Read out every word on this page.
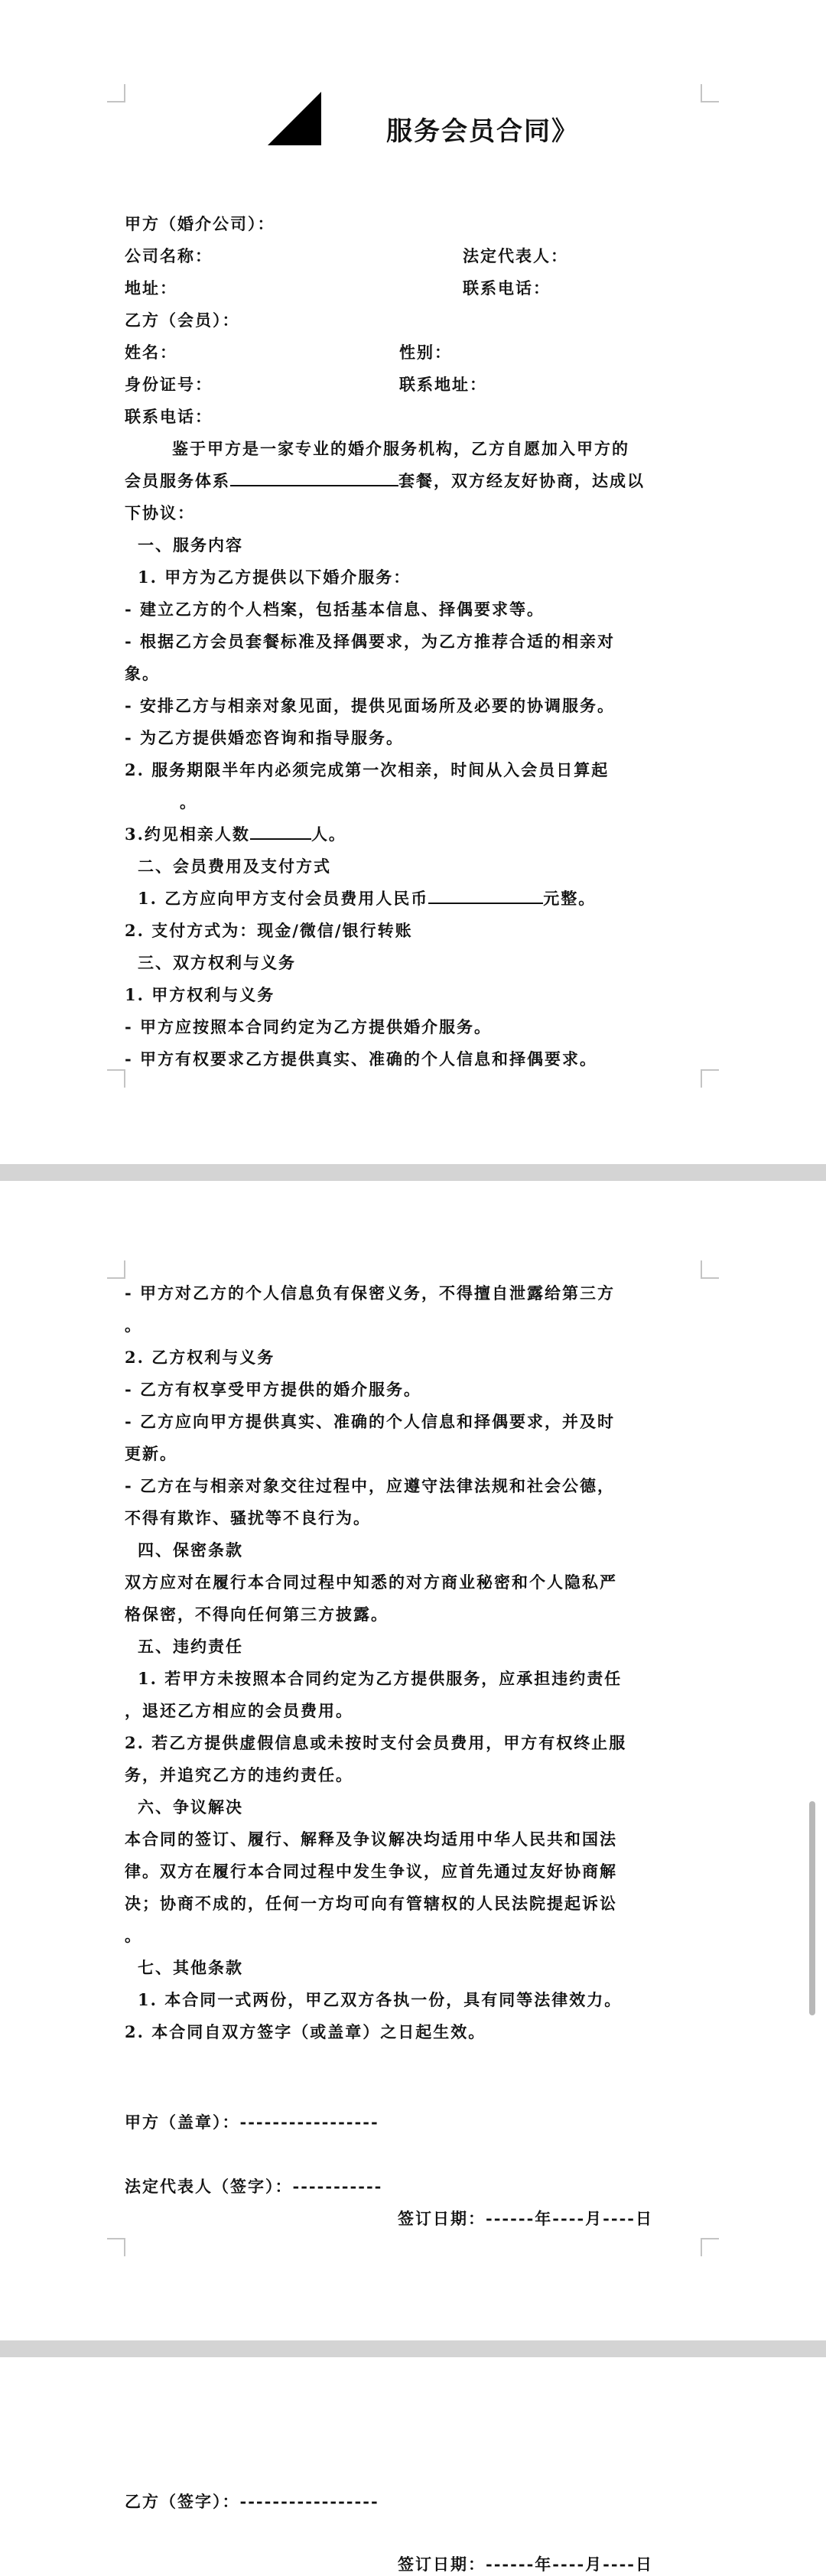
服务会员合同》
甲方（婚介公司）：
公司名称：	法定代表人：
地址：	联系电话：
乙方（会员）：
姓名：	性别：
身份证号：	联系地址：
联系电话：
鉴于甲方是一家专业的婚介服务机构，乙方自愿加入甲方的
会员服务体系	套餐，双方经友好协商，达成以
下协议：
一、服务内容
1. 甲方为乙方提供以下婚介服务：
- 建立乙方的个人档案，包括基本信息、择偶要求等。
- 根据乙方会员套餐标准及择偶要求，为乙方推荐合适的相亲对
象。
- 安排乙方与相亲对象见面，提供见面场所及必要的协调服务。
- 为乙方提供婚恋咨询和指导服务。
2. 服务期限半年内必须完成第一次相亲，时间从入会员日算起
。
3.约见相亲人数	人。
二、会员费用及支付方式
1. 乙方应向甲方支付会员费用人民币	元整。
2. 支付方式为：现金/微信/银行转账
三、双方权利与义务
1. 甲方权利与义务
- 甲方应按照本合同约定为乙方提供婚介服务。
- 甲方有权要求乙方提供真实、准确的个人信息和择偶要求。
- 甲方对乙方的个人信息负有保密义务，不得擅自泄露给第三方
。
2. 乙方权利与义务
- 乙方有权享受甲方提供的婚介服务。
- 乙方应向甲方提供真实、准确的个人信息和择偶要求，并及时
更新。
- 乙方在与相亲对象交往过程中，应遵守法律法规和社会公德，
不得有欺诈、骚扰等不良行为。
四、保密条款
双方应对在履行本合同过程中知悉的对方商业秘密和个人隐私严
格保密，不得向任何第三方披露。
五、违约责任
1. 若甲方未按照本合同约定为乙方提供服务，应承担违约责任
，退还乙方相应的会员费用。
2. 若乙方提供虚假信息或未按时支付会员费用，甲方有权终止服
务，并追究乙方的违约责任。
六、争议解决
本合同的签订、履行、解释及争议解决均适用中华人民共和国法
律。双方在履行本合同过程中发生争议，应首先通过友好协商解
决；协商不成的，任何一方均可向有管辖权的人民法院提起诉讼
。
七、其他条款
1. 本合同一式两份，甲乙双方各执一份，具有同等法律效力。
2. 本合同自双方签字（或盖章）之日起生效。
甲方（盖章）：-----------------
法定代表人（签字）：-----------
签订日期：------年----月----日
乙方（签字）：-----------------
签订日期：------年----月----日
